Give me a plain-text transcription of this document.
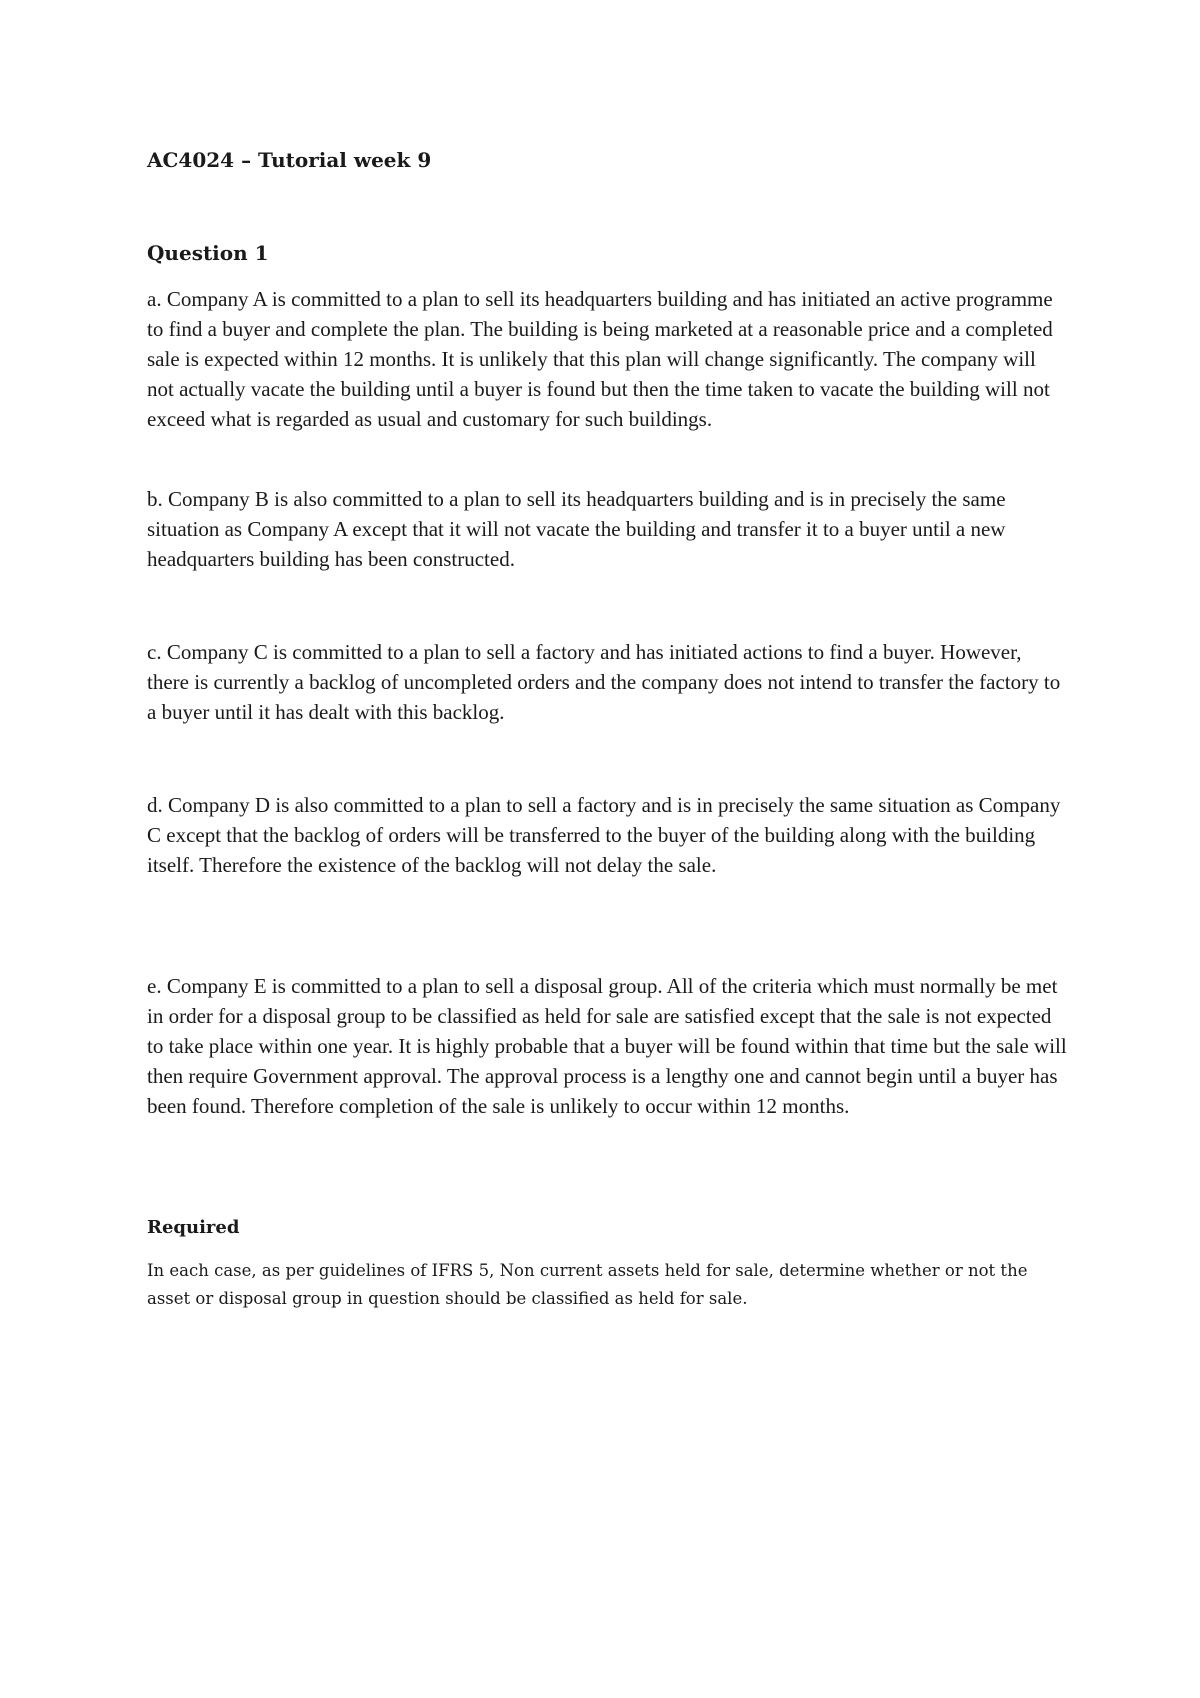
AC4024 – Tutorial week 9
Question 1

a. Company A is committed to a plan to sell its headquarters building and has initiated an active programme to find a buyer and complete the plan. The building is being marketed at a reasonable price and a completed sale is expected within 12 months. It is unlikely that this plan will change significantly. The company will not actually vacate the building until a buyer is found but then the time taken to vacate the building will not exceed what is regarded as usual and customary for such buildings.

b. Company B is also committed to a plan to sell its headquarters building and is in precisely the same situation as Company A except that it will not vacate the building and transfer it to a buyer until a new headquarters building has been constructed.

c. Company C is committed to a plan to sell a factory and has initiated actions to find a buyer. However, there is currently a backlog of uncompleted orders and the company does not intend to transfer the factory to a buyer until it has dealt with this backlog.

d. Company D is also committed to a plan to sell a factory and is in precisely the same situation as Company C except that the backlog of orders will be transferred to the buyer of the building along with the building itself. Therefore the existence of the backlog will not delay the sale.

e. Company E is committed to a plan to sell a disposal group. All of the criteria which must normally be met in order for a disposal group to be classified as held for sale are satisfied except that the sale is not expected to take place within one year. It is highly probable that a buyer will be found within that time but the sale will then require Government approval. The approval process is a lengthy one and cannot begin until a buyer has been found. Therefore completion of the sale is unlikely to occur within 12 months.

Required

In each case, as per guidelines of IFRS 5, Non current assets held for sale, determine whether or not the asset or disposal group in question should be classified as held for sale.
